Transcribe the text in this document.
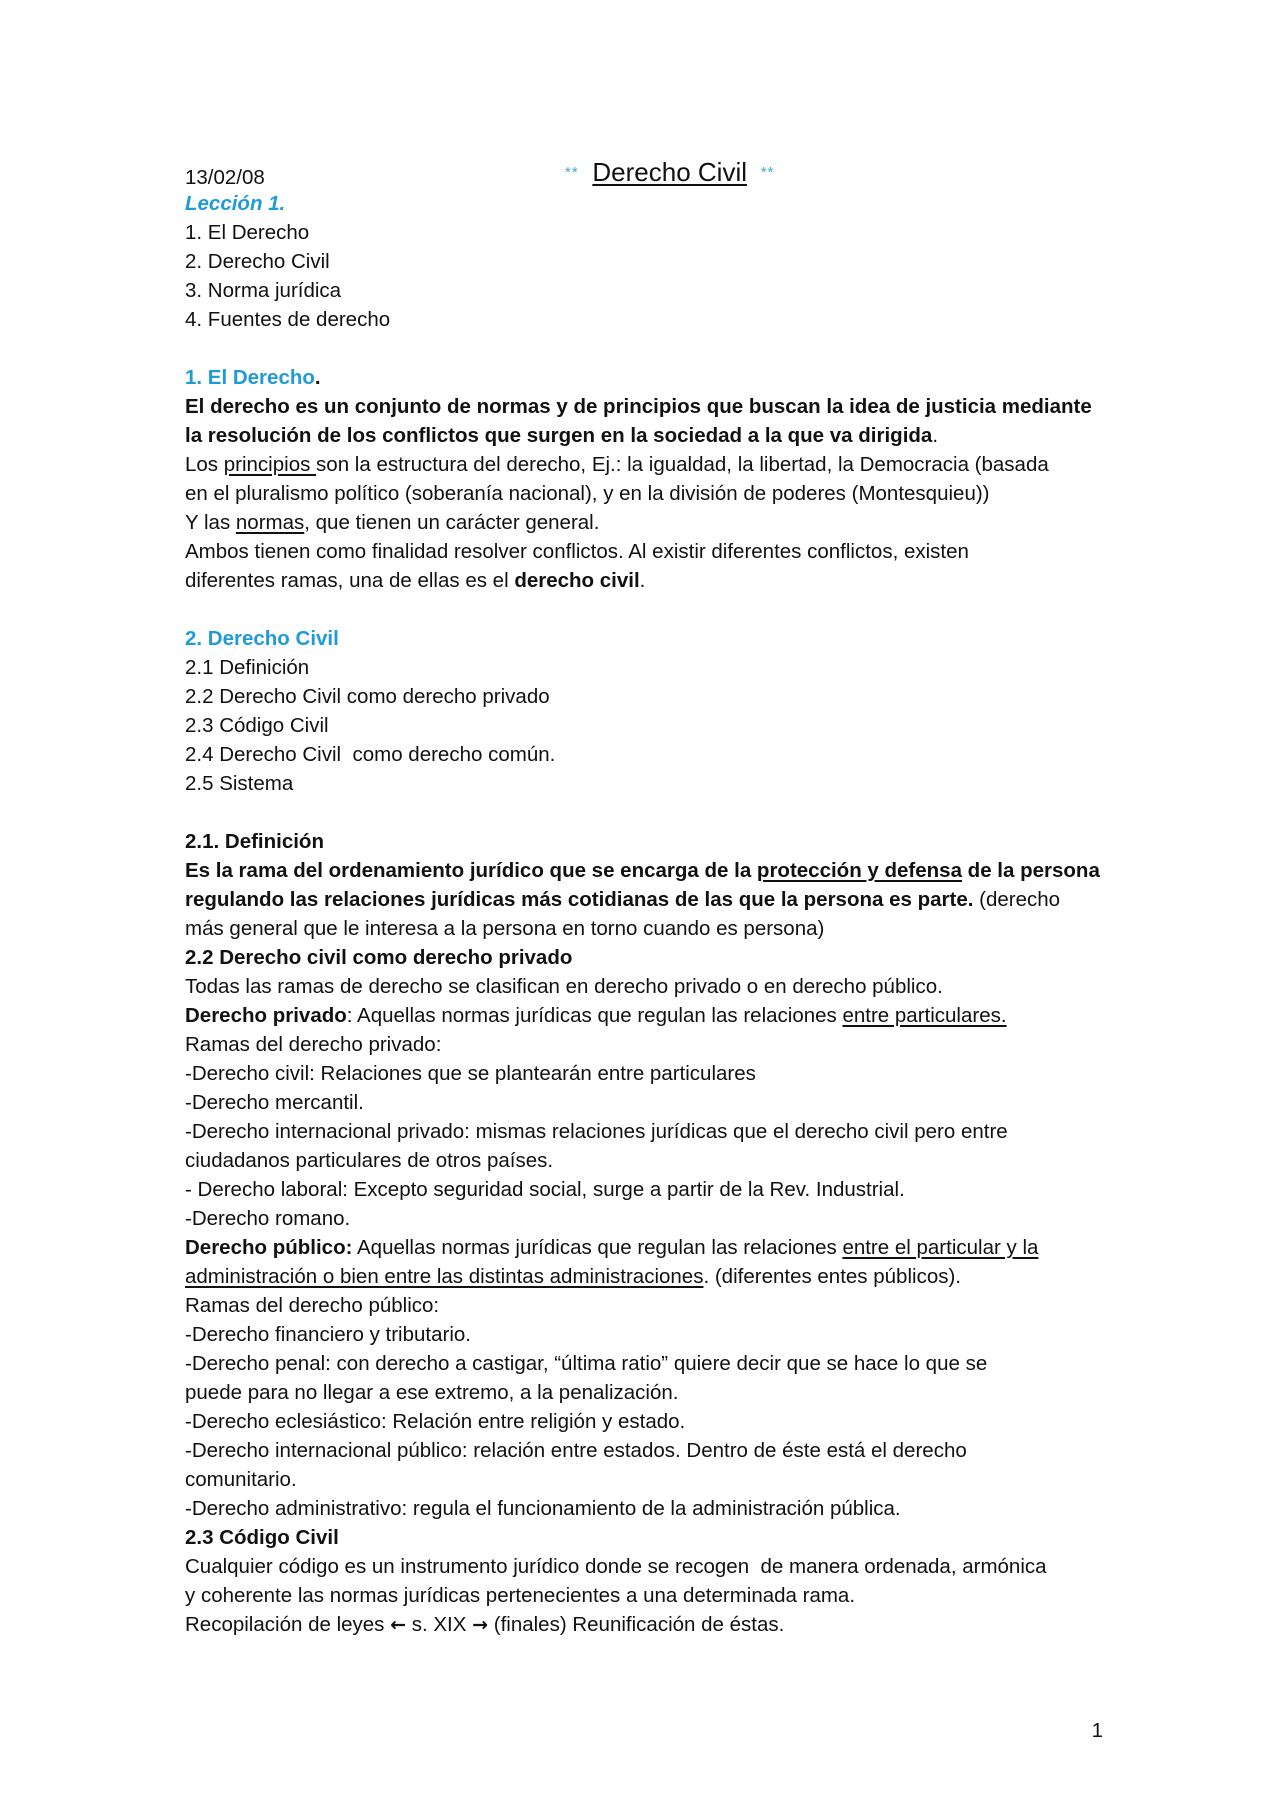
13/02/08	** Derecho Civil **
Lección 1.
1. El Derecho
2. Derecho Civil
3. Norma jurídica
4. Fuentes de derecho
1. El Derecho.
El derecho es un conjunto de normas y de principios que buscan la idea de justicia mediante
la resolución de los conflictos que surgen en la sociedad a la que va dirigida.
Los principios son la estructura del derecho, Ej.: la igualdad, la libertad, la Democracia (basada
en el pluralismo político (soberanía nacional), y en la división de poderes (Montesquieu))
Y las normas, que tienen un carácter general.
Ambos tienen como finalidad resolver conflictos. Al existir diferentes conflictos, existen
diferentes ramas, una de ellas es el derecho civil.
2. Derecho Civil
2.1 Definición
2.2 Derecho Civil como derecho privado
2.3 Código Civil
2.4 Derecho Civil  como derecho común.
2.5 Sistema
2.1. Definición
Es la rama del ordenamiento jurídico que se encarga de la protección y defensa de la persona
regulando las relaciones jurídicas más cotidianas de las que la persona es parte. (derecho
más general que le interesa a la persona en torno cuando es persona)
2.2 Derecho civil como derecho privado
Todas las ramas de derecho se clasifican en derecho privado o en derecho público.
Derecho privado: Aquellas normas jurídicas que regulan las relaciones entre particulares.
Ramas del derecho privado:
-Derecho civil: Relaciones que se plantearán entre particulares
-Derecho mercantil.
-Derecho internacional privado: mismas relaciones jurídicas que el derecho civil pero entre
ciudadanos particulares de otros países.
- Derecho laboral: Excepto seguridad social, surge a partir de la Rev. Industrial.
-Derecho romano.
Derecho público: Aquellas normas jurídicas que regulan las relaciones entre el particular y la
administración o bien entre las distintas administraciones. (diferentes entes públicos).
Ramas del derecho público:
-Derecho financiero y tributario.
-Derecho penal: con derecho a castigar, “última ratio” quiere decir que se hace lo que se
puede para no llegar a ese extremo, a la penalización.
-Derecho eclesiástico: Relación entre religión y estado.
-Derecho internacional público: relación entre estados. Dentro de éste está el derecho
comunitario.
-Derecho administrativo: regula el funcionamiento de la administración pública.
2.3 Código Civil
Cualquier código es un instrumento jurídico donde se recogen  de manera ordenada, armónica
y coherente las normas jurídicas pertenecientes a una determinada rama.
Recopilación de leyes ← s. XIX → (finales) Reunificación de éstas.
1
